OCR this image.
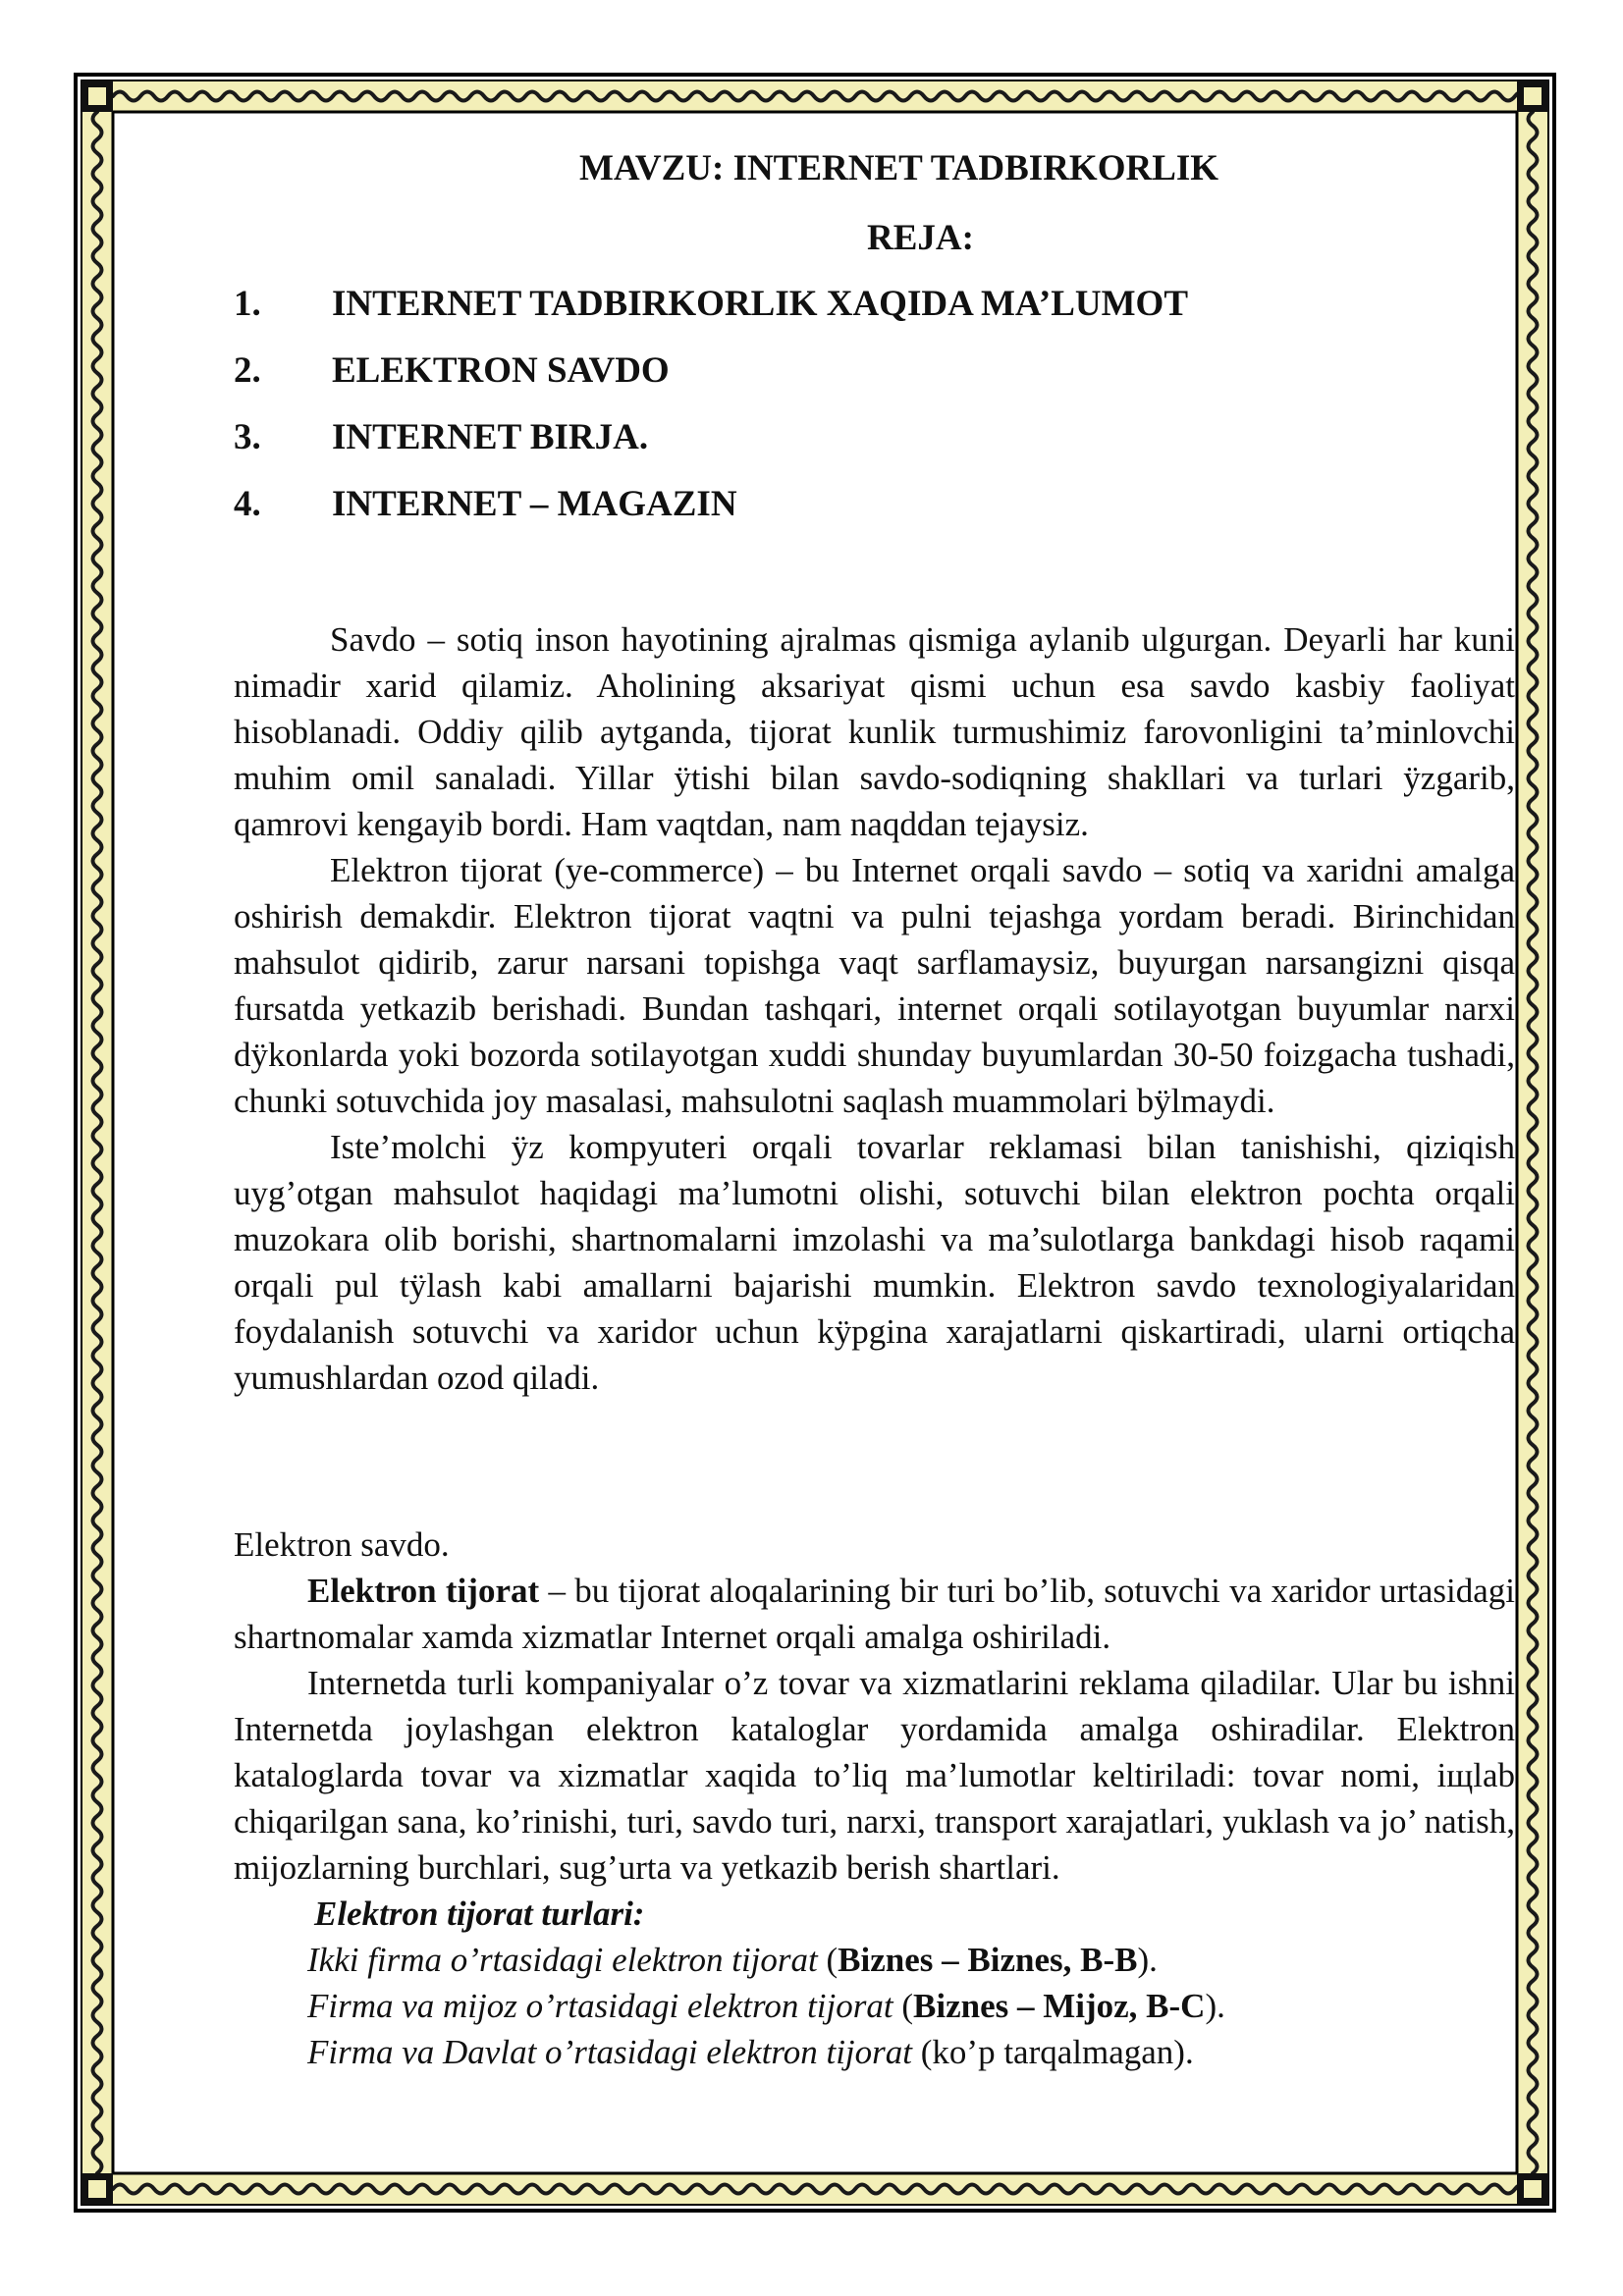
MAVZU: INTERNET TADBIRKORLIK
REJA:
1.	INTERNET TADBIRKORLIK XAQIDA MA’LUMOT
2.	ELEKTRON SAVDO
3.	INTERNET BIRJA.
4.	INTERNET – MAGAZIN

Savdo – sotiq inson hayotining ajralmas qismiga aylanib ulgurgan. Deyarli har kuni nimadir xarid qilamiz. Aholining aksariyat qismi uchun esa savdo kasbiy faoliyat hisoblanadi. Oddiy qilib aytganda, tijorat kunlik turmushimiz farovonligini ta’minlovchi muhim omil sanaladi. Yillar ÿtishi bilan savdo-sodiqning shakllari va turlari ÿzgarib, qamrovi kengayib bordi. Ham vaqtdan, nam naqddan tejaysiz.

Elektron tijorat (ye-commerce) – bu Internet orqali savdo – sotiq va xaridni amalga oshirish demakdir. Elektron tijorat vaqtni va pulni tejashga yordam beradi. Birinchidan mahsulot qidirib, zarur narsani topishga vaqt sarflamaysiz, buyurgan narsangizni qisqa fursatda yetkazib berishadi. Bundan tashqari, internet orqali sotilayotgan buyumlar narxi dÿkonlarda yoki bozorda sotilayotgan xuddi shunday buyumlardan 30-50 foizgacha tushadi, chunki sotuvchida joy masalasi, mahsulotni saqlash muammolari bÿlmaydi.

Iste’molchi ÿz kompyuteri orqali tovarlar reklamasi bilan tanishishi, qiziqish uyg’otgan mahsulot haqidagi ma’lumotni olishi, sotuvchi bilan elektron pochta orqali muzokara olib borishi, shartnomalarni imzolashi va ma’sulotlarga bankdagi hisob raqami orqali pul tÿlash kabi amallarni bajarishi mumkin. Elektron savdo texnologiyalaridan foydalanish sotuvchi va xaridor uchun kÿpgina xarajatlarni qiskartiradi, ularni ortiqcha yumushlardan ozod qiladi.

Elektron savdo.

Elektron tijorat – bu tijorat aloqalarining bir turi bo’lib, sotuvchi va xaridor urtasidagi shartnomalar xamda xizmatlar Internet orqali amalga oshiriladi.

Internetda turli kompaniyalar o’z tovar va xizmatlarini reklama qiladilar. Ular bu ishni Internetda joylashgan elektron kataloglar yordamida amalga oshiradilar. Elektron kataloglarda tovar va xizmatlar xaqida to’liq ma’lumotlar keltiriladi: tovar nomi, iщlab chiqarilgan sana, ko’rinishi, turi, savdo turi, narxi, transport xarajatlari, yuklash va jo’ natish, mijozlarning burchlari, sug’urta va yetkazib berish shartlari.

Elektron tijorat turlari:
Ikki firma o’rtasidagi elektron tijorat (Biznes – Biznes, B-B).
Firma va mijoz o’rtasidagi elektron tijorat (Biznes – Mijoz, B-C).
Firma va Davlat o’rtasidagi elektron tijorat (ko’p tarqalmagan).
